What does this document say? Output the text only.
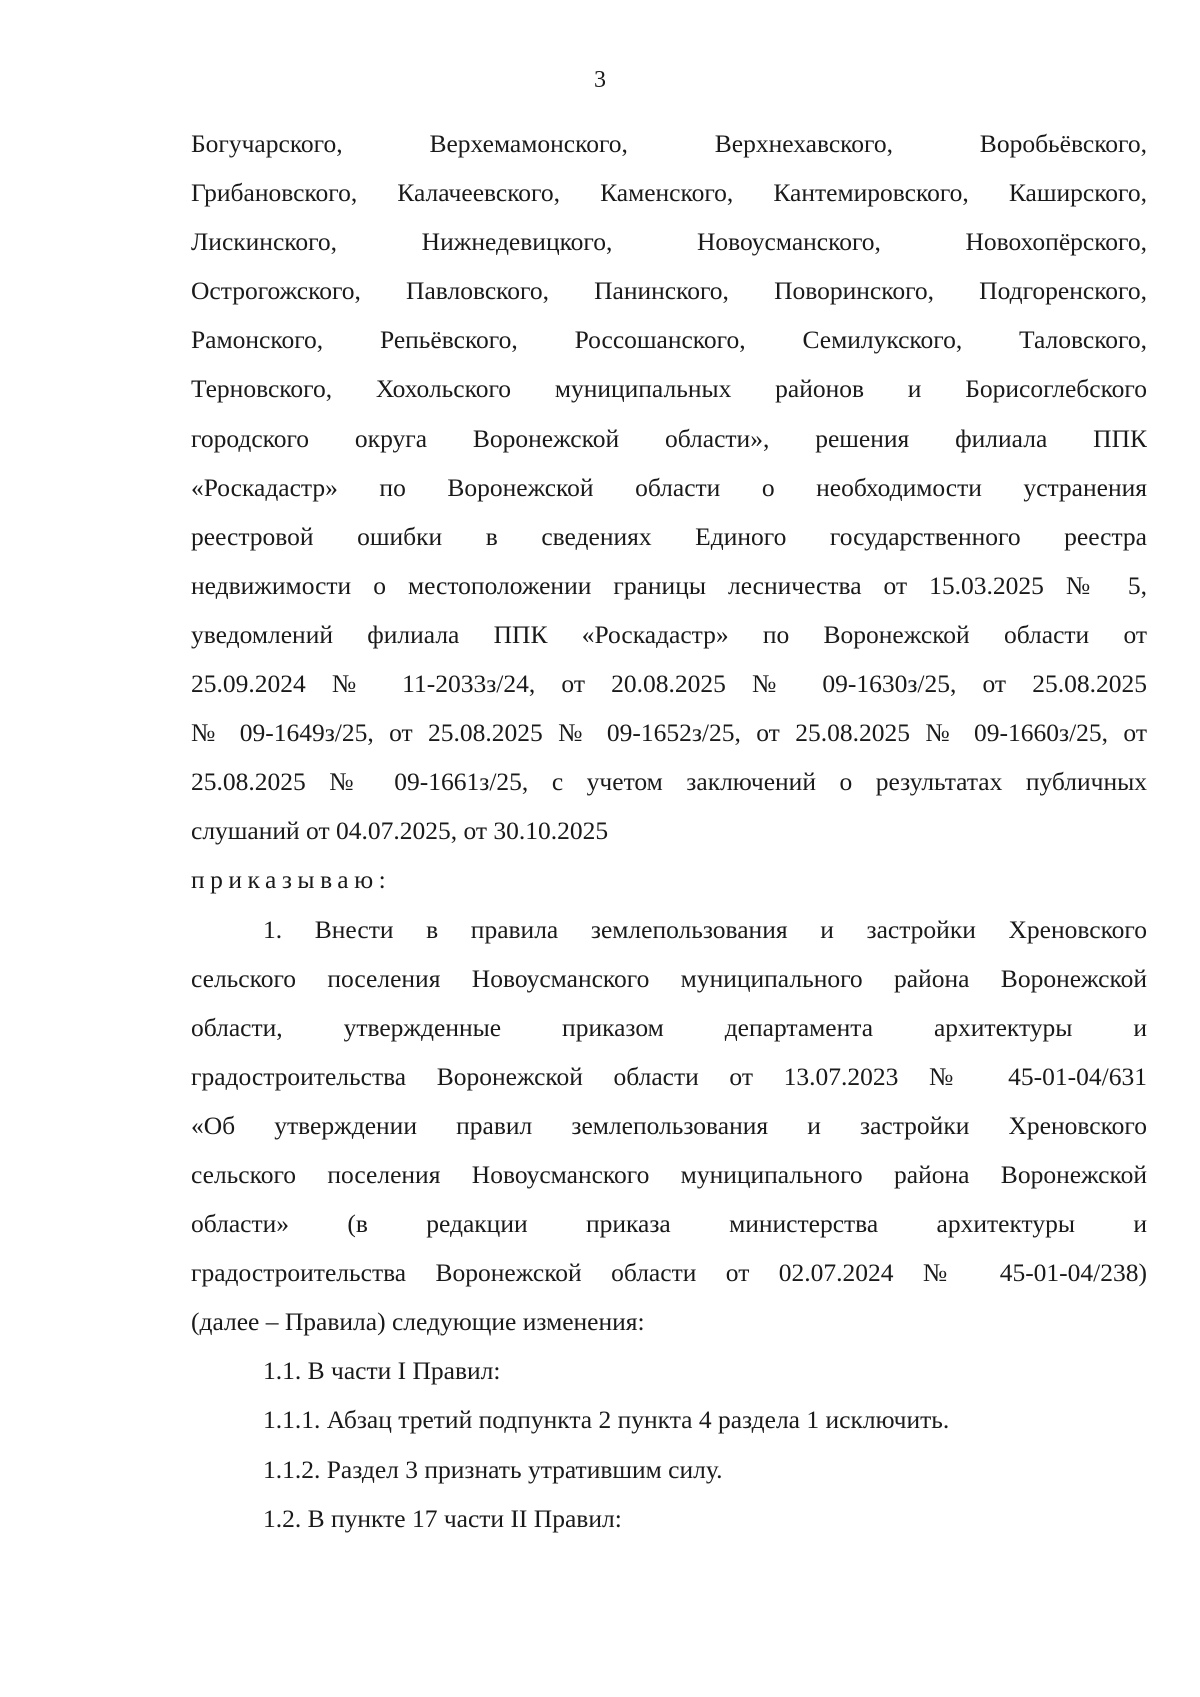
3
Богучарского, Верхемамонского, Верхнехавского, Воробьёвского,
Грибановского, Калачеевского, Каменского, Кантемировского, Каширского,
Лискинского, Нижнедевицкого, Новоусманского, Новохопёрского,
Острогожского, Павловского, Панинского, Поворинского, Подгоренского,
Рамонского, Репьёвского, Россошанского, Семилукского, Таловского,
Терновского, Хохольского муниципальных районов и Борисоглебского
городского округа Воронежской области», решения филиала ППК
«Роскадастр» по Воронежской области о необходимости устранения
реестровой ошибки в сведениях Единого государственного реестра
недвижимости о местоположении границы лесничества от 15.03.2025 № 5,
уведомлений филиала ППК «Роскадастр» по Воронежской области от
25.09.2024 № 11-2033з/24, от 20.08.2025 № 09-1630з/25, от 25.08.2025
№ 09-1649з/25, от 25.08.2025 № 09-1652з/25, от 25.08.2025 № 09-1660з/25, от
25.08.2025 № 09-1661з/25, с учетом заключений о результатах публичных
слушаний от 04.07.2025, от 30.10.2025
приказываю:
1. Внести в правила землепользования и застройки Хреновского
сельского поселения Новоусманского муниципального района Воронежской
области, утвержденные приказом департамента архитектуры и
градостроительства Воронежской области от 13.07.2023 № 45-01-04/631
«Об утверждении правил землепользования и застройки Хреновского
сельского поселения Новоусманского муниципального района Воронежской
области» (в редакции приказа министерства архитектуры и
градостроительства Воронежской области от 02.07.2024 № 45-01-04/238)
(далее – Правила) следующие изменения:
1.1. В части I Правил:
1.1.1. Абзац третий подпункта 2 пункта 4 раздела 1 исключить.
1.1.2. Раздел 3 признать утратившим силу.
1.2. В пункте 17 части II Правил:
